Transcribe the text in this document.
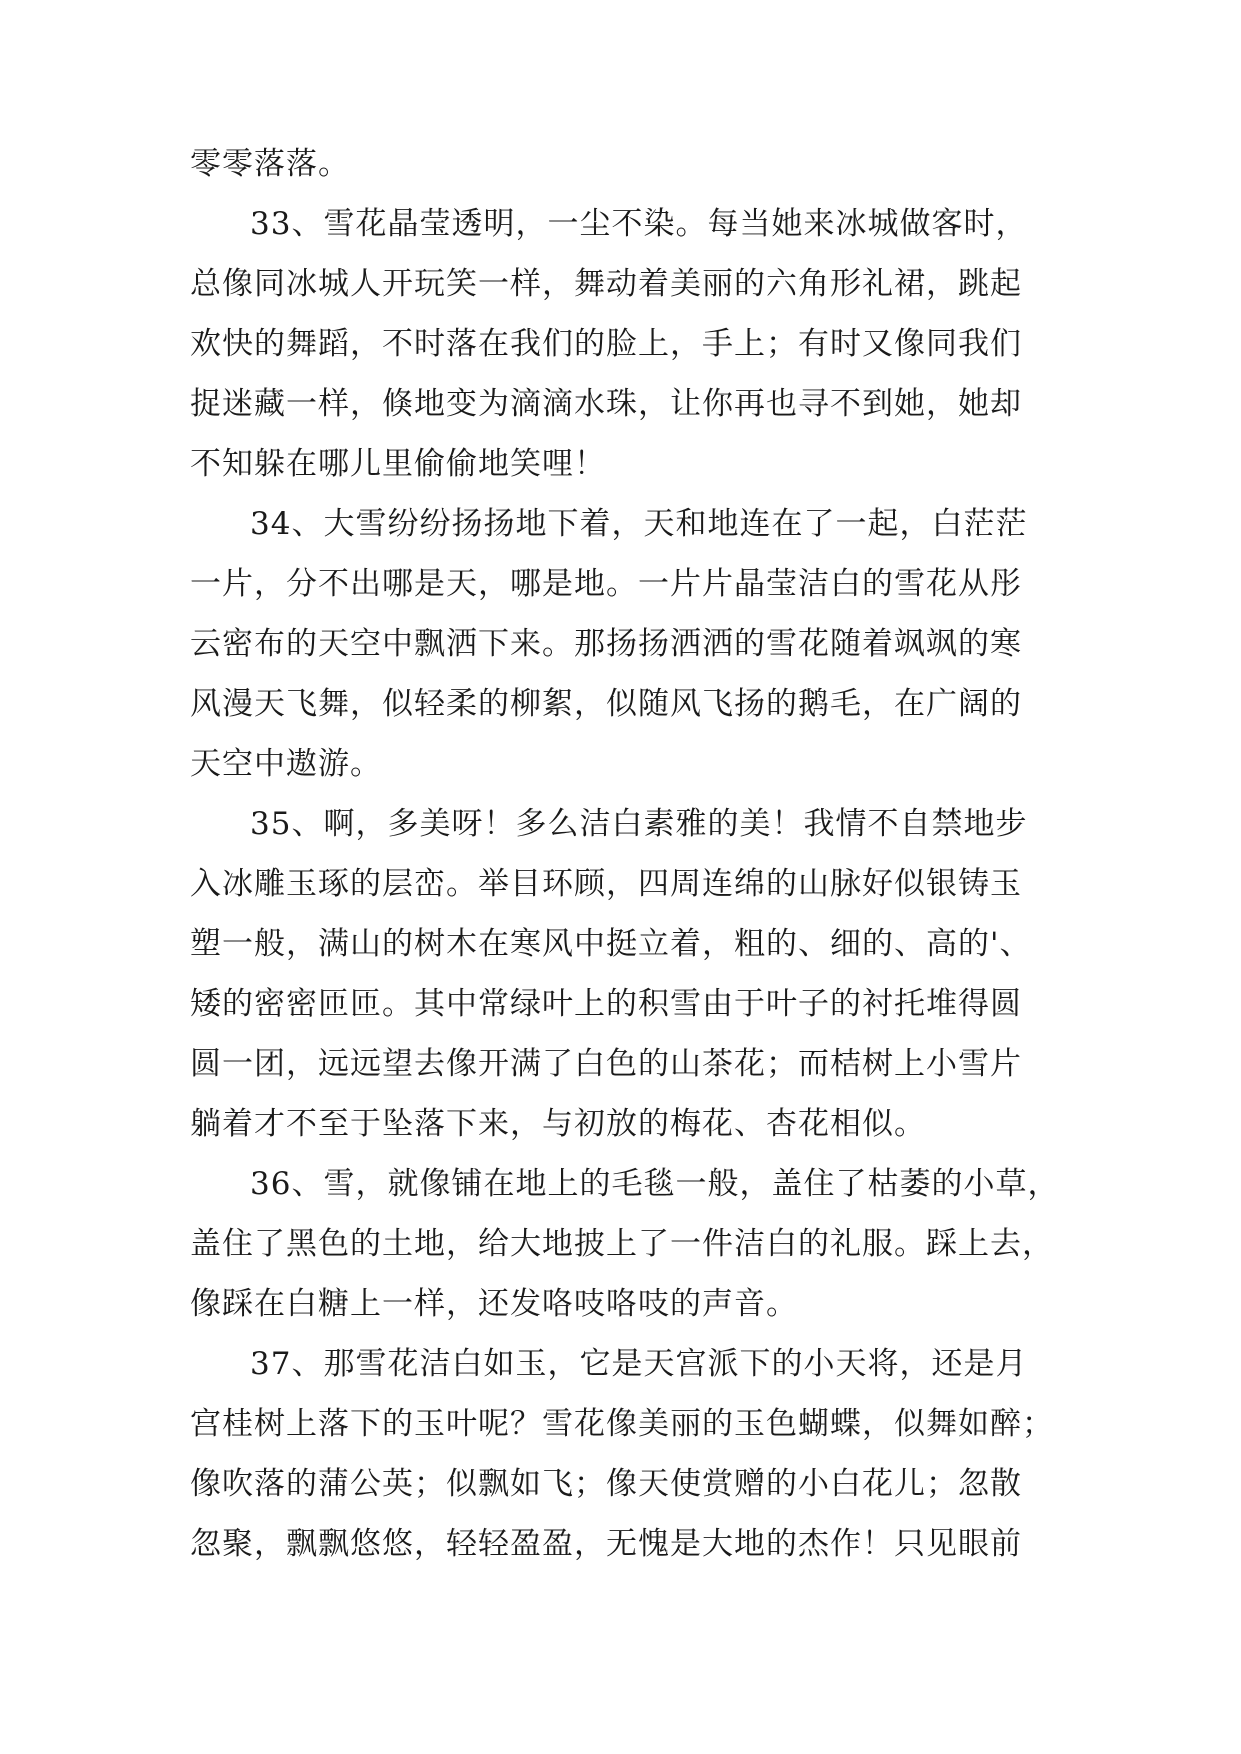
零零落落。
33、雪花晶莹透明，一尘不染。每当她来冰城做客时，
总像同冰城人开玩笑一样，舞动着美丽的六角形礼裙，跳起
欢快的舞蹈，不时落在我们的脸上，手上；有时又像同我们
捉迷藏一样，倏地变为滴滴水珠，让你再也寻不到她，她却
不知躲在哪儿里偷偷地笑哩！
34、大雪纷纷扬扬地下着，天和地连在了一起，白茫茫
一片，分不出哪是天，哪是地。一片片晶莹洁白的雪花从彤
云密布的天空中飘洒下来。那扬扬洒洒的雪花随着飒飒的寒
风漫天飞舞，似轻柔的柳絮，似随风飞扬的鹅毛，在广阔的
天空中遨游。
35、啊，多美呀！多么洁白素雅的美！我情不自禁地步
入冰雕玉琢的层峦。举目环顾，四周连绵的山脉好似银铸玉
塑一般，满山的树木在寒风中挺立着，粗的、细的、高的'、
矮的密密匝匝。其中常绿叶上的积雪由于叶子的衬托堆得圆
圆一团，远远望去像开满了白色的山茶花；而桔树上小雪片
躺着才不至于坠落下来，与初放的梅花、杏花相似。
36、雪，就像铺在地上的毛毯一般，盖住了枯萎的小草，
盖住了黑色的土地，给大地披上了一件洁白的礼服。踩上去，
像踩在白糖上一样，还发咯吱咯吱的声音。
37、那雪花洁白如玉，它是天宫派下的小天将，还是月
宫桂树上落下的玉叶呢？雪花像美丽的玉色蝴蝶，似舞如醉；
像吹落的蒲公英；似飘如飞；像天使赏赠的小白花儿；忽散
忽聚，飘飘悠悠，轻轻盈盈，无愧是大地的杰作！只见眼前
